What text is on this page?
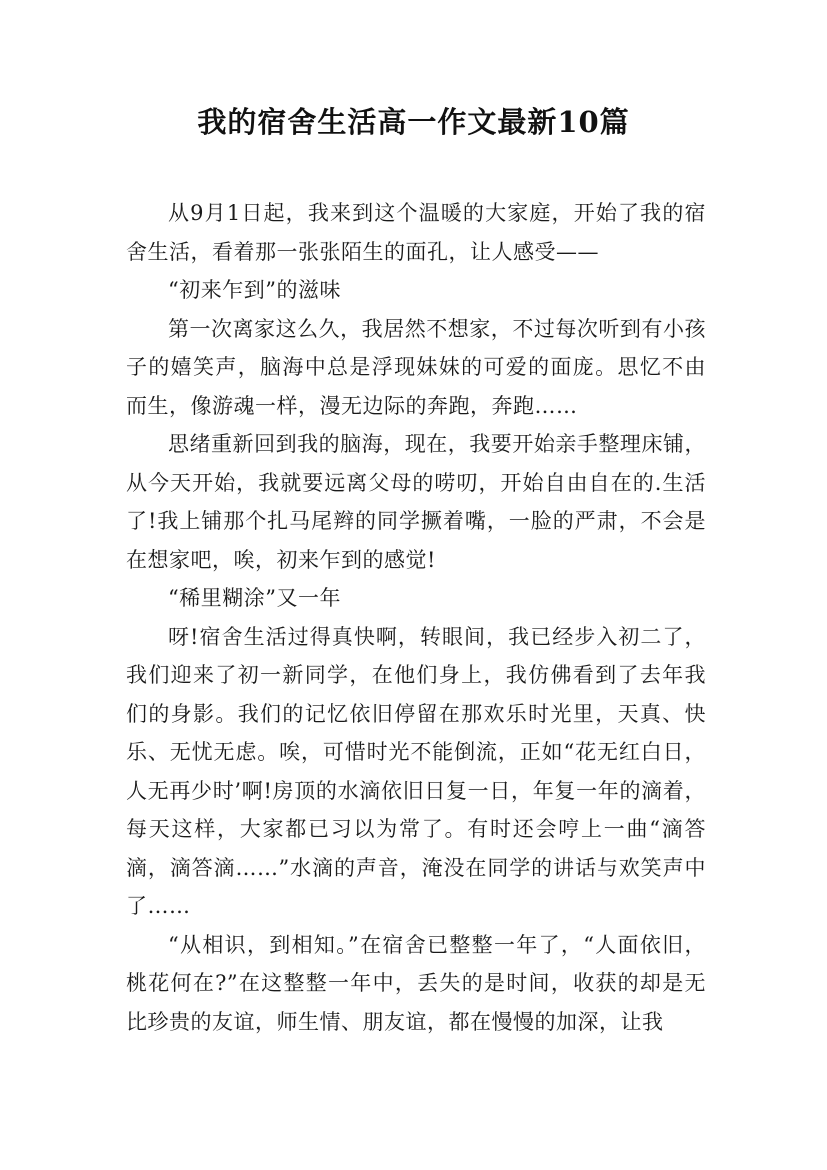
我的宿舍生活高一作文最新10篇

从9月1日起，我来到这个温暖的大家庭，开始了我的宿舍生活，看着那一张张陌生的面孔，让人感受——

“初来乍到”的滋味

第一次离家这么久，我居然不想家，不过每次听到有小孩子的嬉笑声，脑海中总是浮现妹妹的可爱的面庞。思忆不由而生，像游魂一样，漫无边际的奔跑，奔跑……

思绪重新回到我的脑海，现在，我要开始亲手整理床铺，从今天开始，我就要远离父母的唠叨，开始自由自在的.生活了!我上铺那个扎马尾辫的同学撅着嘴，一脸的严肃，不会是在想家吧，唉，初来乍到的感觉!

“稀里糊涂”又一年

呀!宿舍生活过得真快啊，转眼间，我已经步入初二了，我们迎来了初一新同学，在他们身上，我仿佛看到了去年我们的身影。我们的记忆依旧停留在那欢乐时光里，天真、快乐、无忧无虑。唉，可惜时光不能倒流，正如“花无红白日，人无再少时’啊!房顶的水滴依旧日复一日，年复一年的滴着，每天这样，大家都已习以为常了。有时还会哼上一曲“滴答滴，滴答滴……”水滴的声音，淹没在同学的讲话与欢笑声中了……

“从相识，到相知。”在宿舍已整整一年了，“人面依旧，桃花何在?”在这整整一年中，丢失的是时间，收获的却是无比珍贵的友谊，师生情、朋友谊，都在慢慢的加深，让我
